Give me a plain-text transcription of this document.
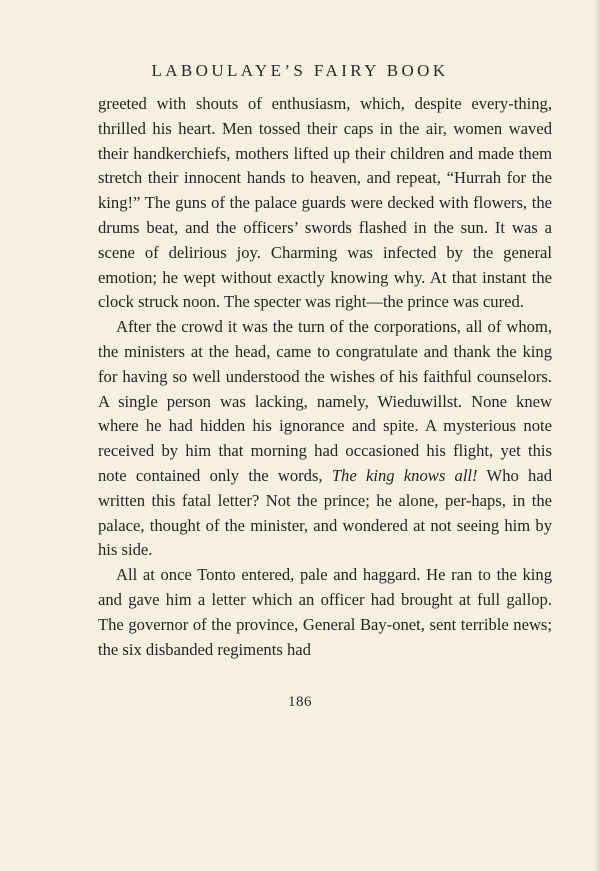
LABOULAYE’S FAIRY BOOK

greeted with shouts of enthusiasm, which, despite every-thing, thrilled his heart. Men tossed their caps in the air, women waved their handkerchiefs, mothers lifted up their children and made them stretch their innocent hands to heaven, and repeat, “Hurrah for the king!” The guns of the palace guards were decked with flowers, the drums beat, and the officers’ swords flashed in the sun. It was a scene of delirious joy. Charming was infected by the general emotion; he wept without exactly knowing why. At that instant the clock struck noon. The specter was right—the prince was cured.

After the crowd it was the turn of the corporations, all of whom, the ministers at the head, came to congratulate and thank the king for having so well understood the wishes of his faithful counselors. A single person was lacking, namely, Wieduwillst. None knew where he had hidden his ignorance and spite. A mysterious note received by him that morning had occasioned his flight, yet this note contained only the words, The king knows all! Who had written this fatal letter? Not the prince; he alone, per-haps, in the palace, thought of the minister, and wondered at not seeing him by his side.

All at once Tonto entered, pale and haggard. He ran to the king and gave him a letter which an officer had brought at full gallop. The governor of the province, General Bay-onet, sent terrible news; the six disbanded regiments had

186
